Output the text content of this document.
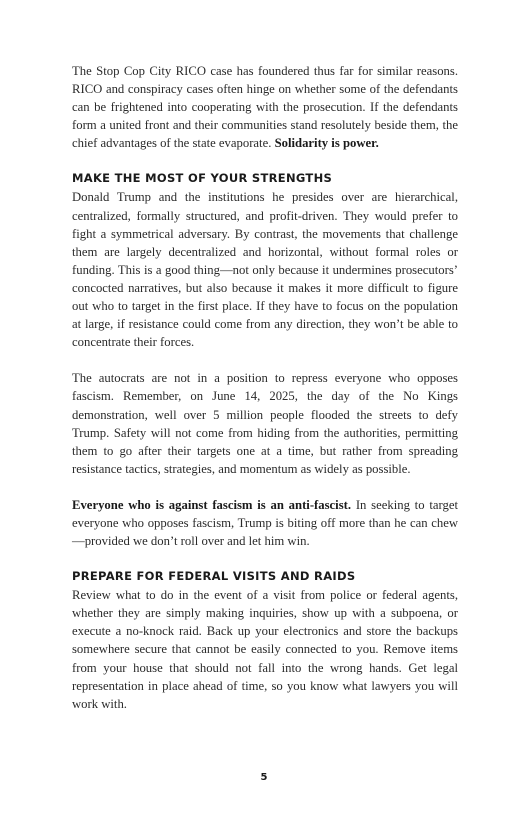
The Stop Cop City RICO case has foundered thus far for similar reasons. RICO and conspiracy cases often hinge on whether some of the defendants can be frightened into cooperating with the prosecution. If the defendants form a united front and their communities stand resolutely beside them, the chief advantages of the state evaporate. Solidarity is power.

MAKE THE MOST OF YOUR STRENGTHS

Donald Trump and the institutions he presides over are hierarchical, centralized, formally structured, and profit-driven. They would prefer to fight a symmetrical adversary. By contrast, the movements that challenge them are largely decentralized and horizontal, without formal roles or funding. This is a good thing—not only because it undermines prosecutors’ concocted narratives, but also because it makes it more difficult to figure out who to target in the first place. If they have to focus on the population at large, if resistance could come from any direction, they won’t be able to concentrate their forces.

The autocrats are not in a position to repress everyone who opposes fascism. Remember, on June 14, 2025, the day of the No Kings demonstration, well over 5 million people flooded the streets to defy Trump. Safety will not come from hiding from the authorities, permitting them to go after their targets one at a time, but rather from spreading resistance tactics, strategies, and momentum as widely as possible.

Everyone who is against fascism is an anti-fascist. In seeking to target everyone who opposes fascism, Trump is biting off more than he can chew—provided we don’t roll over and let him win.

PREPARE FOR FEDERAL VISITS AND RAIDS

Review what to do in the event of a visit from police or federal agents, whether they are simply making inquiries, show up with a subpoena, or execute a no-knock raid. Back up your electronics and store the backups somewhere secure that cannot be easily connected to you. Remove items from your house that should not fall into the wrong hands. Get legal representation in place ahead of time, so you know what lawyers you will work with.

5
